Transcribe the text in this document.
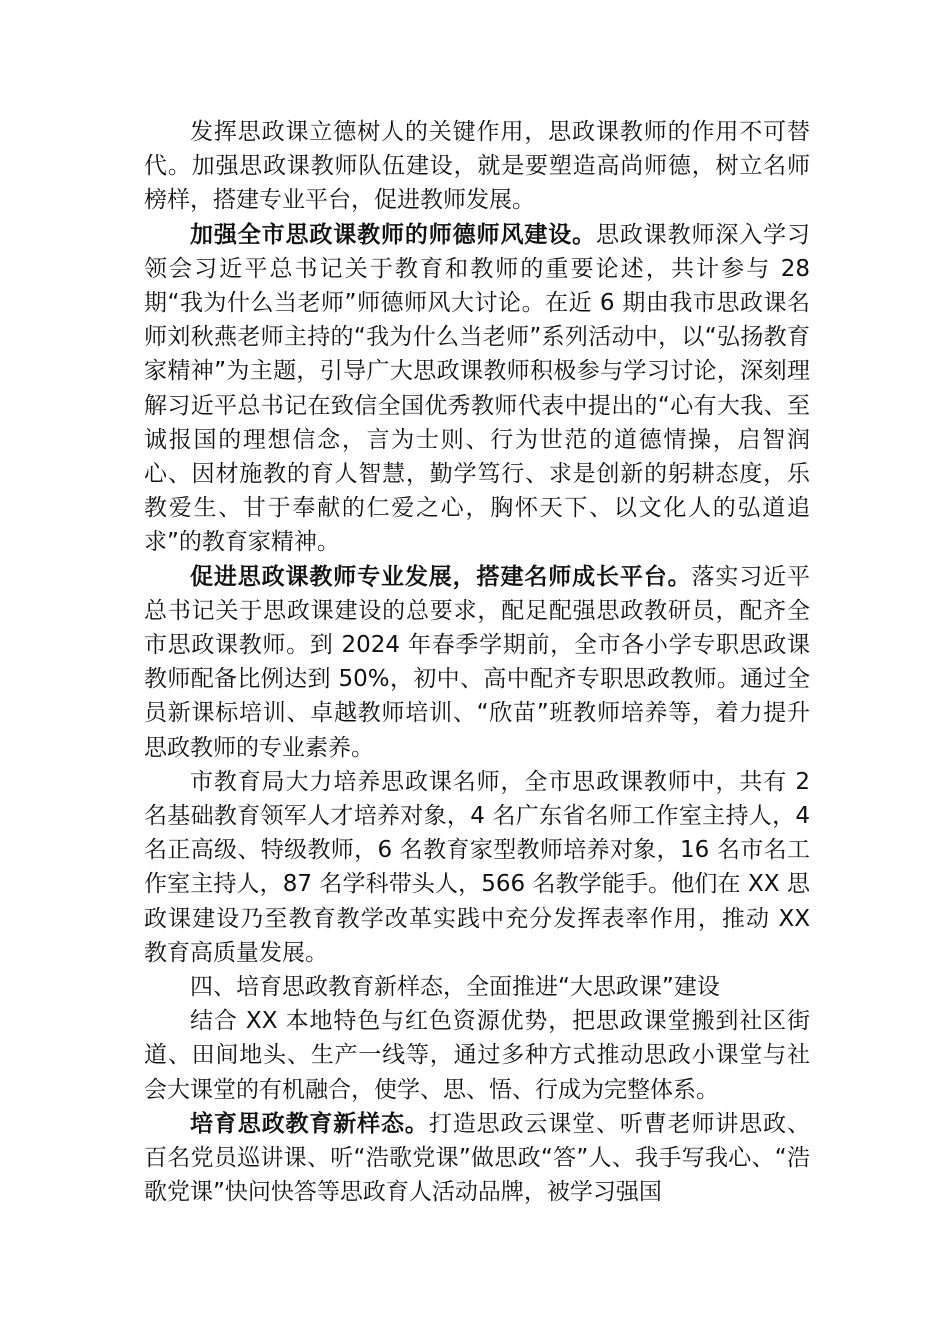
发挥思政课立德树人的关键作用，思政课教师的作用不可替代。加强思政课教师队伍建设，就是要塑造高尚师德，树立名师榜样，搭建专业平台，促进教师发展。

加强全市思政课教师的师德师风建设。思政课教师深入学习领会习近平总书记关于教育和教师的重要论述，共计参与 28 期“我为什么当老师”师德师风大讨论。在近 6 期由我市思政课名师刘秋燕老师主持的“我为什么当老师”系列活动中，以“弘扬教育家精神”为主题，引导广大思政课教师积极参与学习讨论，深刻理解习近平总书记在致信全国优秀教师代表中提出的“心有大我、至诚报国的理想信念，言为士则、行为世范的道德情操，启智润心、因材施教的育人智慧，勤学笃行、求是创新的躬耕态度，乐教爱生、甘于奉献的仁爱之心，胸怀天下、以文化人的弘道追求”的教育家精神。

促进思政课教师专业发展，搭建名师成长平台。落实习近平总书记关于思政课建设的总要求，配足配强思政教研员，配齐全市思政课教师。到 2024 年春季学期前，全市各小学专职思政课教师配备比例达到 50%，初中、高中配齐专职思政教师。通过全员新课标培训、卓越教师培训、“欣苗”班教师培养等，着力提升思政教师的专业素养。

市教育局大力培养思政课名师，全市思政课教师中，共有 2 名基础教育领军人才培养对象，4 名广东省名师工作室主持人，4 名正高级、特级教师，6 名教育家型教师培养对象，16 名市名工作室主持人，87 名学科带头人，566 名教学能手。他们在 XX 思政课建设乃至教育教学改革实践中充分发挥表率作用，推动 XX 教育高质量发展。

四、培育思政教育新样态，全面推进“大思政课”建设

结合 XX 本地特色与红色资源优势，把思政课堂搬到社区街道、田间地头、生产一线等，通过多种方式推动思政小课堂与社会大课堂的有机融合，使学、思、悟、行成为完整体系。

培育思政教育新样态。打造思政云课堂、听曹老师讲思政、百名党员巡讲课、听“浩歌党课”做思政“答”人、我手写我心、“浩歌党课”快问快答等思政育人活动品牌，被学习强国
